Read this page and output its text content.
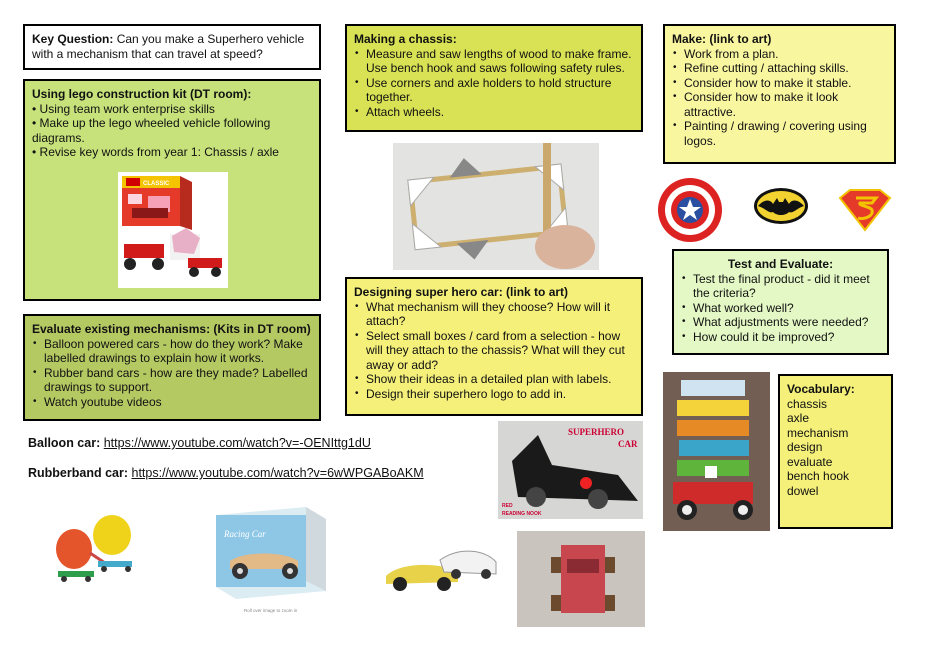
Key Question: Can you make a Superhero vehicle with a mechanism that can travel at speed?
Using lego construction kit (DT room):
• Using team work enterprise skills
• Make up the lego wheeled vehicle following diagrams.
• Revise key words from year 1: Chassis / axle
CLASSIC
Evaluate existing mechanisms: (Kits in DT room)
• Balloon powered cars - how do they work? Make labelled drawings to explain how it works.
• Rubber band cars - how are they made? Labelled drawings to support.
• Watch youtube videos
Balloon car: https://www.youtube.com/watch?v=-OENIttg1dU
Rubberband car: https://www.youtube.com/watch?v=6wWPGABoAKM
Racing Car
Roll over image to zoom in
Making a chassis:
• Measure and saw lengths of wood to make frame. Use bench hook and saws following safety rules.
• Use corners and axle holders to hold structure together.
• Attach wheels.
Designing super hero car: (link to art)
• What mechanism will they choose? How will it attach?
• Select small boxes / card from a selection - how will they attach to the chassis? What will they cut away or add?
• Show their ideas in a detailed plan with labels.
• Design their superhero logo to add in.
SUPERHERO
CAR
RED
READING NOOK
Make: (link to art)
• Work from a plan.
• Refine cutting / attaching skills.
• Consider how to make it stable.
• Consider how to make it look attractive.
• Painting / drawing / covering using logos.
Test and Evaluate:
• Test the final product - did it meet the criteria?
• What worked well?
• What adjustments were needed?
• How could it be improved?
Vocabulary:
chassis
axle
mechanism
design
evaluate
bench hook
dowel
